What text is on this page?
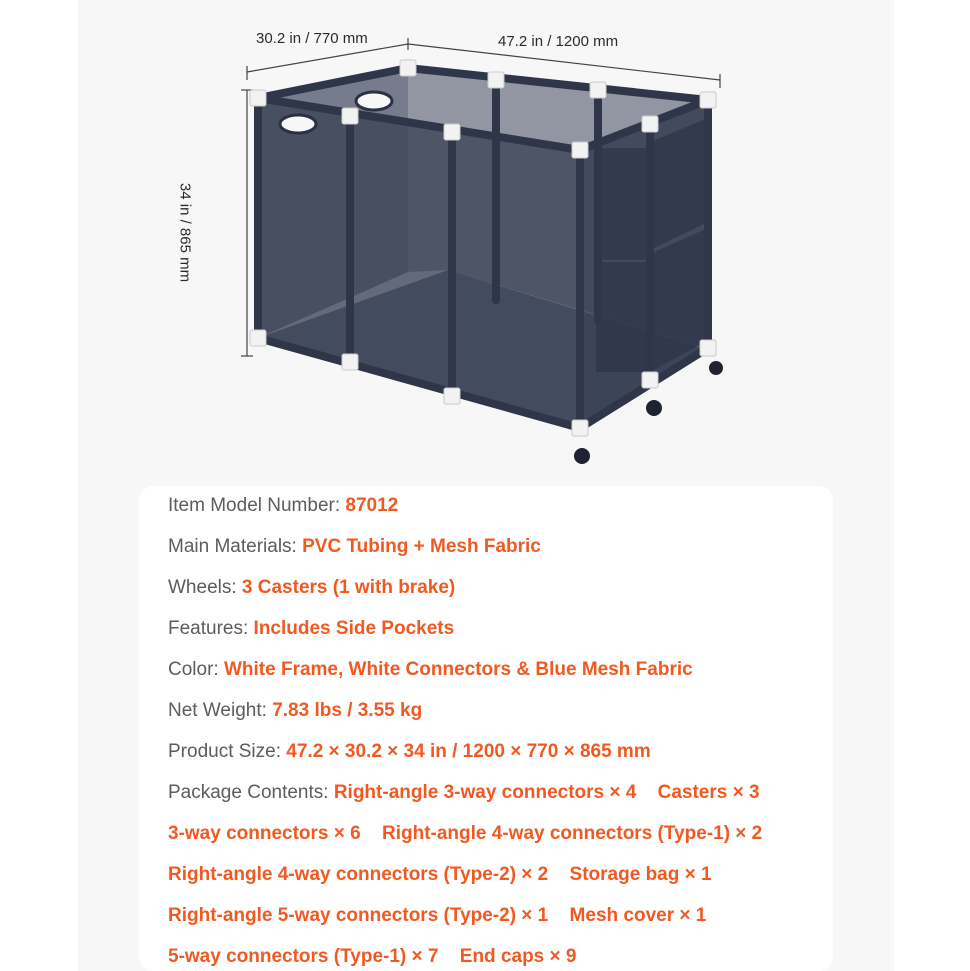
30.2 in / 770 mm	47.2 in / 1200 mm
34 in / 865 mm
Item Model Number: 87012
Main Materials: PVC Tubing + Mesh Fabric
Wheels: 3 Casters (1 with brake)
Features: Includes Side Pockets
Color: White Frame, White Connectors & Blue Mesh Fabric
Net Weight: 7.83 lbs / 3.55 kg
Product Size: 47.2 × 30.2 × 34 in / 1200 × 770 × 865 mm
Package Contents: Right-angle 3-way connectors × 4 Casters × 3
3-way connectors × 6 Right-angle 4-way connectors (Type-1) × 2
Right-angle 4-way connectors (Type-2) × 2 Storage bag × 1
Right-angle 5-way connectors (Type-2) × 1 Mesh cover × 1
5-way connectors (Type-1) × 7 End caps × 9
